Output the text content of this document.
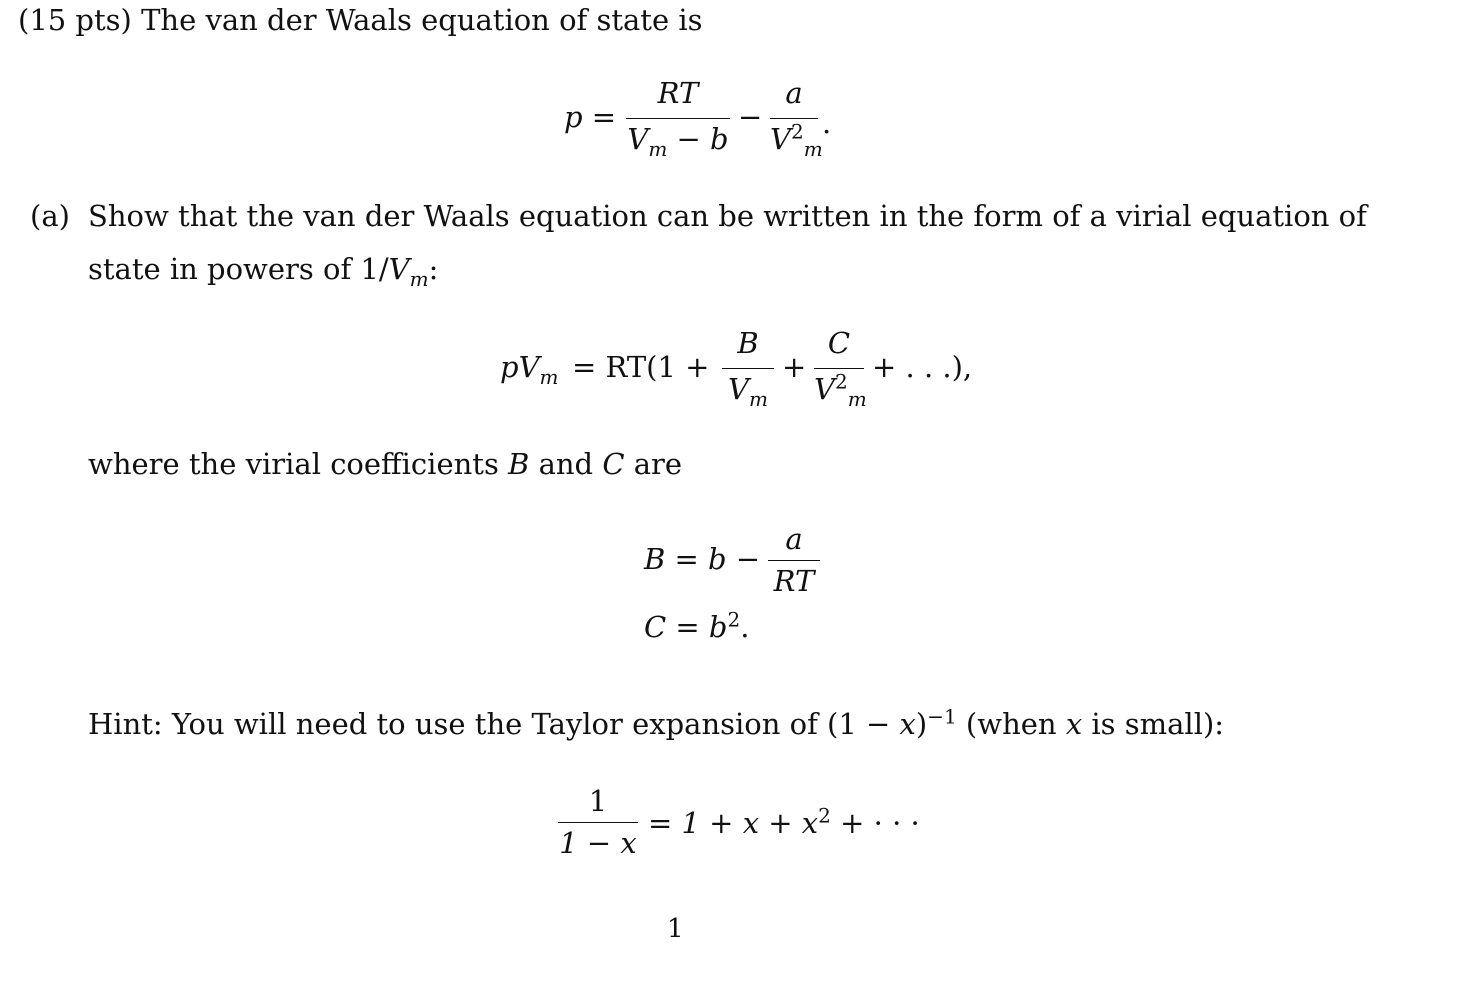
(15 pts) The van der Waals equation of state is
p =
RT
$V_m - b$
−
a
$V^2_m$
.
(a) Show that the van der Waals equation can be written in the form of a virial equation of
state in powers of $1/V_m$:
$pV_m = RT(1$ +
B
$V_m$
+
C
$V^2_m$
+ . . .),
where the virial coefficients B and C are
B = b −
a
RT
$C = b^2$.
Hint: You will need to use the Taylor expansion of $(1 - x)^{-1}$ (when x is small):
1
1 − x
= $1 + x + x^2$ + · · ·
1
